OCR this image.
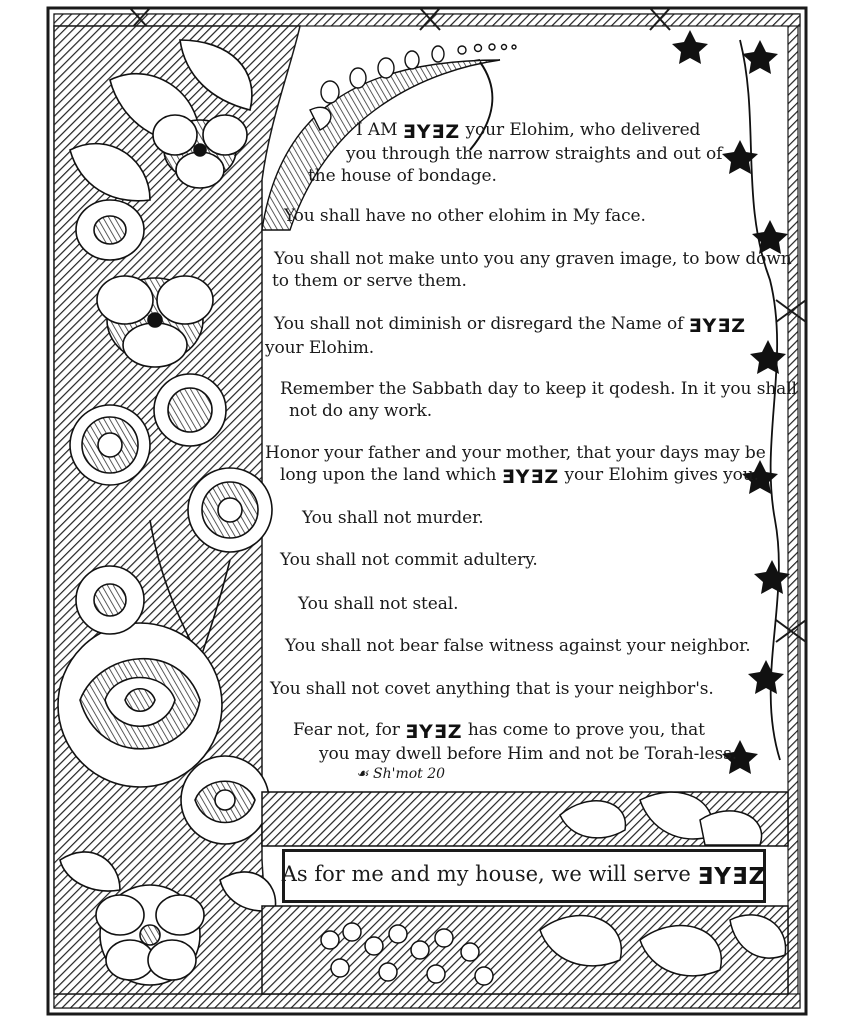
I AM ƎYƎZ your Elohim, who delivered
you through the narrow straights and out of
the house of bondage.
You shall have no other elohim in My face.
You shall not make unto you any graven image, to bow down
to them or serve them.
You shall not diminish or disregard the Name of ƎYƎZ
your Elohim.
Remember the Sabbath day to keep it qodesh. In it you shall
not do any work.
Honor your father and your mother, that your days may be
long upon the land which ƎYƎZ your Elohim gives you.
You shall not murder.
You shall not commit adultery.
You shall not steal.
You shall not bear false witness against your neighbor.
You shall not covet anything that is your neighbor's.
Fear not, for ƎYƎZ has come to prove you, that
you may dwell before Him and not be Torah-less.
☙ Sh'mot 20
As for me and my house, we will serve ƎYƎZ
